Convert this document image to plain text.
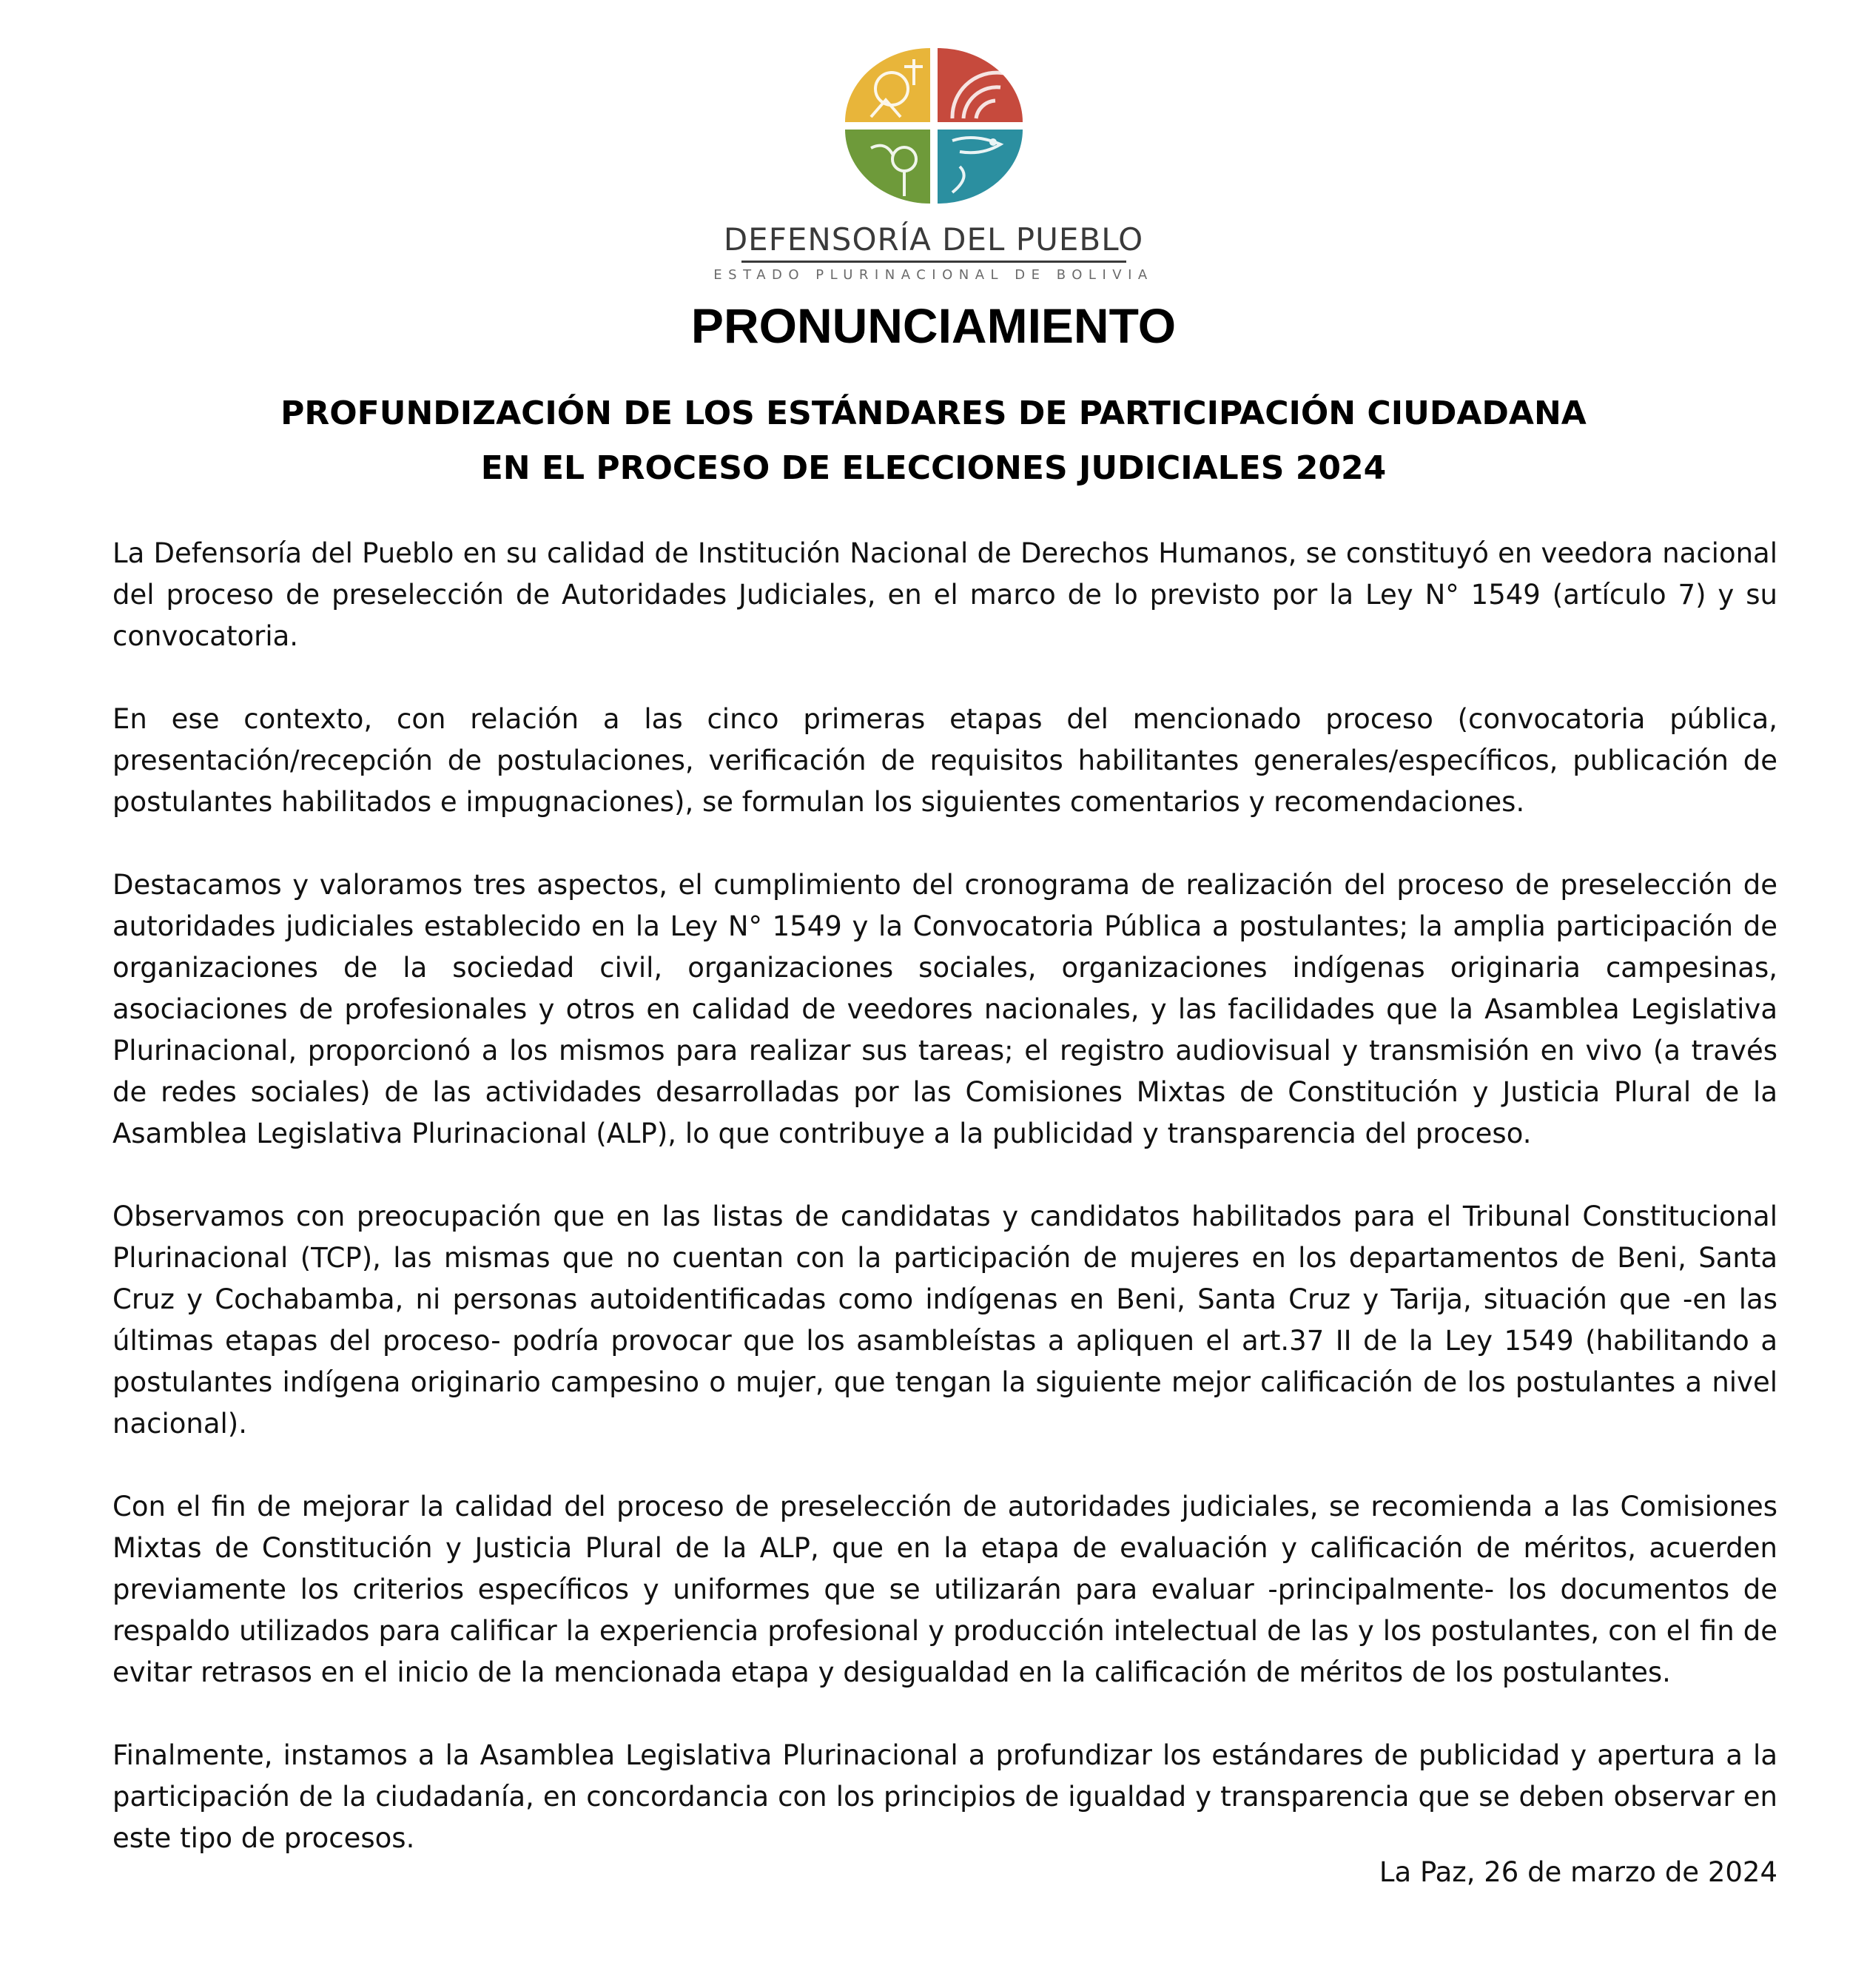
DEFENSORÍA DEL PUEBLO
ESTADO PLURINACIONAL DE BOLIVIA
PRONUNCIAMIENTO
PROFUNDIZACIÓN DE LOS ESTÁNDARES DE PARTICIPACIÓN CIUDADANA
EN EL PROCESO DE ELECCIONES JUDICIALES 2024

La Defensoría del Pueblo en su calidad de Institución Nacional de Derechos Humanos, se constituyó en veedora nacional del proceso de preselección de Autoridades Judiciales, en el marco de lo previsto por la Ley N° 1549 (artículo 7) y su convocatoria.

En ese contexto, con relación a las cinco primeras etapas del mencionado proceso (convocatoria pública, presentación/recepción de postulaciones, verificación de requisitos habilitantes generales/específicos, publicación de postulantes habilitados e impugnaciones), se formulan los siguientes comentarios y recomendaciones.

Destacamos y valoramos tres aspectos, el cumplimiento del cronograma de realización del proceso de preselección de autoridades judiciales establecido en la Ley N° 1549 y la Convocatoria Pública a postulantes; la amplia participación de organizaciones de la sociedad civil, organizaciones sociales, organizaciones indígenas originaria campesinas, asociaciones de profesionales y otros en calidad de veedores nacionales, y las facilidades que la Asamblea Legislativa Plurinacional, proporcionó a los mismos para realizar sus tareas; el registro audiovisual y transmisión en vivo (a través de redes sociales) de las actividades desarrolladas por las Comisiones Mixtas de Constitución y Justicia Plural de la Asamblea Legislativa Plurinacional (ALP), lo que contribuye a la publicidad y transparencia del proceso.

Observamos con preocupación que en las listas de candidatas y candidatos habilitados para el Tribunal Constitucional Plurinacional (TCP), las mismas que no cuentan con la participación de mujeres en los departamentos de Beni, Santa Cruz y Cochabamba, ni personas autoidentificadas como indígenas en Beni, Santa Cruz y Tarija, situación que -en las últimas etapas del proceso- podría provocar que los asambleístas a apliquen el art.37 II de la Ley 1549 (habilitando a postulantes indígena originario campesino o mujer, que tengan la siguiente mejor calificación de los postulantes a nivel nacional).

Con el fin de mejorar la calidad del proceso de preselección de autoridades judiciales, se recomienda a las Comisiones Mixtas de Constitución y Justicia Plural de la ALP, que en la etapa de evaluación y calificación de méritos, acuerden previamente los criterios específicos y uniformes que se utilizarán para evaluar -principalmente- los documentos de respaldo utilizados para calificar la experiencia profesional y producción intelectual de las y los postulantes, con el fin de evitar retrasos en el inicio de la mencionada etapa y desigualdad en la calificación de méritos de los postulantes.

Finalmente, instamos a la Asamblea Legislativa Plurinacional a profundizar los estándares de publicidad y apertura a la participación de la ciudadanía, en concordancia con los principios de igualdad y transparencia que se deben observar en este tipo de procesos.

La Paz, 26 de marzo de 2024
